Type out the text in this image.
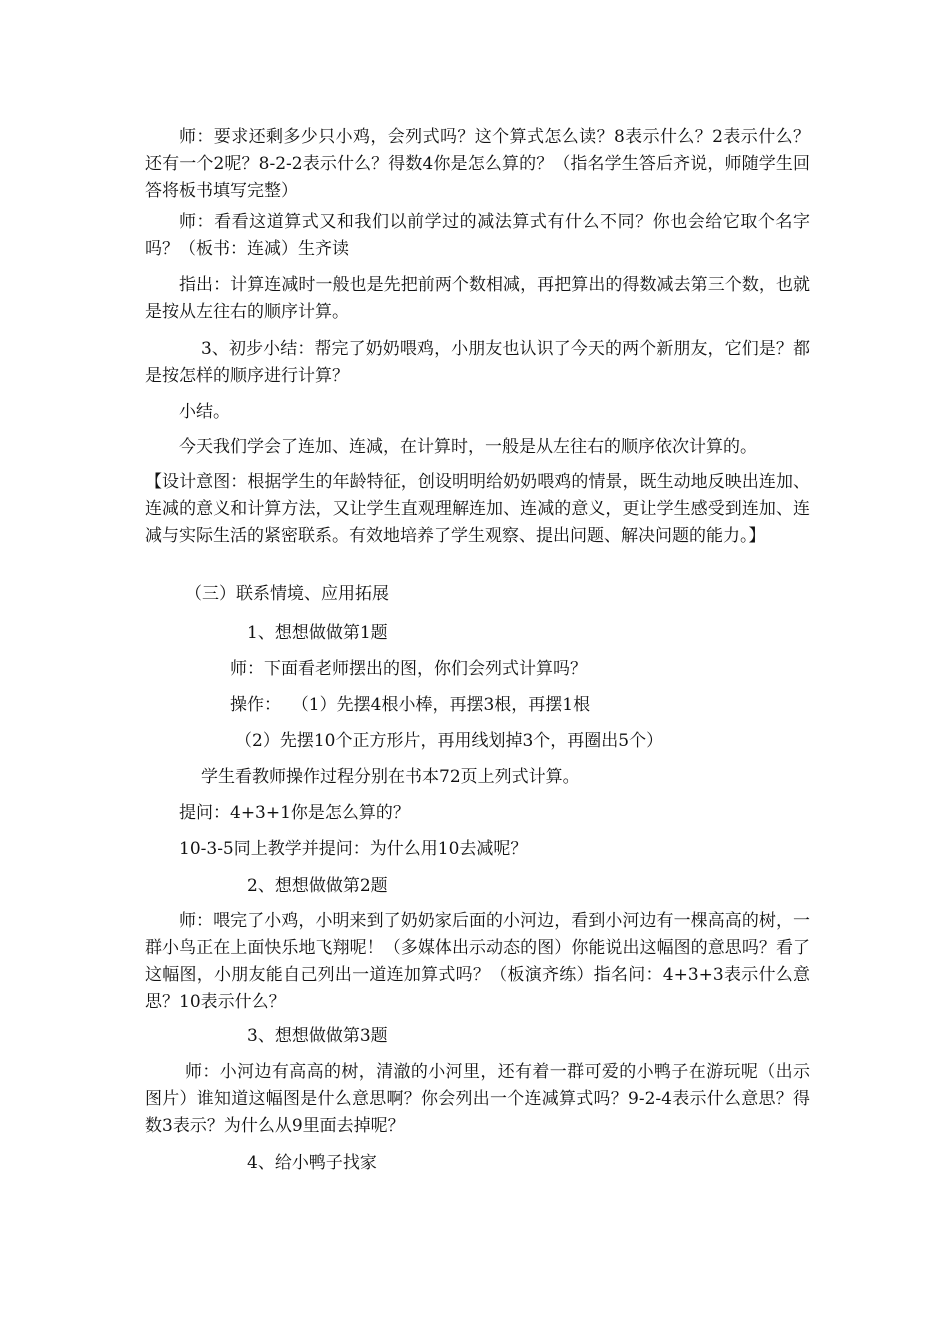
师：要求还剩多少只小鸡，会列式吗？这个算式怎么读？8表示什么？2表示什么？还有一个2呢？8-2-2表示什么？得数4你是怎么算的？（指名学生答后齐说，师随学生回答将板书填写完整）

师：看看这道算式又和我们以前学过的减法算式有什么不同？你也会给它取个名字吗？（板书：连减）生齐读

指出：计算连减时一般也是先把前两个数相减，再把算出的得数减去第三个数，也就是按从左往右的顺序计算。

3、初步小结：帮完了奶奶喂鸡，小朋友也认识了今天的两个新朋友，它们是？都是按怎样的顺序进行计算？

小结。

今天我们学会了连加、连减，在计算时，一般是从左往右的顺序依次计算的。

【设计意图：根据学生的年龄特征，创设明明给奶奶喂鸡的情景，既生动地反映出连加、连减的意义和计算方法，又让学生直观理解连加、连减的意义，更让学生感受到连加、连减与实际生活的紧密联系。有效地培养了学生观察、提出问题、解决问题的能力。】

（三）联系情境、应用拓展

1、想想做做第1题

师：下面看老师摆出的图，你们会列式计算吗？

操作：  （1）先摆4根小棒，再摆3根，再摆1根

（2）先摆10个正方形片，再用线划掉3个，再圈出5个）

学生看教师操作过程分别在书本72页上列式计算。

提问：4+3+1你是怎么算的？

10-3-5同上教学并提问：为什么用10去减呢？

2、想想做做第2题

师：喂完了小鸡，小明来到了奶奶家后面的小河边，看到小河边有一棵高高的树，一群小鸟正在上面快乐地飞翔呢！（多媒体出示动态的图）你能说出这幅图的意思吗？看了这幅图，小朋友能自己列出一道连加算式吗？（板演齐练）指名问：4+3+3表示什么意思？10表示什么？

3、想想做做第3题

师：小河边有高高的树，清澈的小河里，还有着一群可爱的小鸭子在游玩呢（出示图片）谁知道这幅图是什么意思啊？你会列出一个连减算式吗？9-2-4表示什么意思？得数3表示？为什么从9里面去掉呢？

4、给小鸭子找家
